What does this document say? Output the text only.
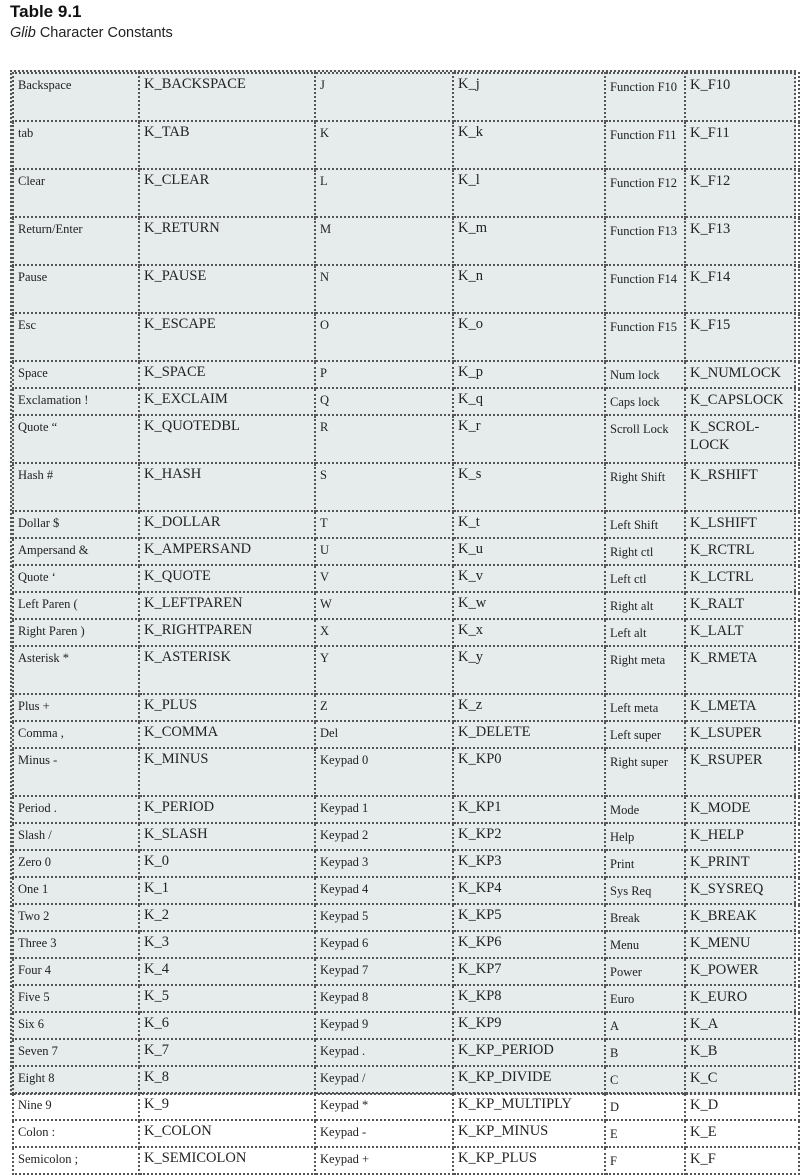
Table 9.1
Glib Character Constants
Backspace	K_BACKSPACE	J	K_j	Function F10	K_F10
tab	K_TAB	K	K_k	Function F11	K_F11
Clear	K_CLEAR	L	K_l	Function F12	K_F12
Return/Enter	K_RETURN	M	K_m	Function F13	K_F13
Pause	K_PAUSE	N	K_n	Function F14	K_F14
Esc	K_ESCAPE	O	K_o	Function F15	K_F15
Space	K_SPACE	P	K_p	Num lock	K_NUMLOCK
Exclamation !	K_EXCLAIM	Q	K_q	Caps lock	K_CAPSLOCK
Quote “	K_QUOTEDBL	R	K_r	Scroll Lock	K_SCROL-LOCK
Hash #	K_HASH	S	K_s	Right Shift	K_RSHIFT
Dollar $	K_DOLLAR	T	K_t	Left Shift	K_LSHIFT
Ampersand &	K_AMPERSAND	U	K_u	Right ctl	K_RCTRL
Quote ‘	K_QUOTE	V	K_v	Left ctl	K_LCTRL
Left Paren (	K_LEFTPAREN	W	K_w	Right alt	K_RALT
Right Paren )	K_RIGHTPAREN	X	K_x	Left alt	K_LALT
Asterisk *	K_ASTERISK	Y	K_y	Right meta	K_RMETA
Plus +	K_PLUS	Z	K_z	Left meta	K_LMETA
Comma ,	K_COMMA	Del	K_DELETE	Left super	K_LSUPER
Minus -	K_MINUS	Keypad 0	K_KP0	Right super	K_RSUPER
Period .	K_PERIOD	Keypad 1	K_KP1	Mode	K_MODE
Slash /	K_SLASH	Keypad 2	K_KP2	Help	K_HELP
Zero 0	K_0	Keypad 3	K_KP3	Print	K_PRINT
One 1	K_1	Keypad 4	K_KP4	Sys Req	K_SYSREQ
Two 2	K_2	Keypad 5	K_KP5	Break	K_BREAK
Three 3	K_3	Keypad 6	K_KP6	Menu	K_MENU
Four 4	K_4	Keypad 7	K_KP7	Power	K_POWER
Five 5	K_5	Keypad 8	K_KP8	Euro	K_EURO
Six 6	K_6	Keypad 9	K_KP9	A	K_A
Seven 7	K_7	Keypad .	K_KP_PERIOD	B	K_B
Eight 8	K_8	Keypad /	K_KP_DIVIDE	C	K_C
Nine 9	K_9	Keypad *	K_KP_MULTIPLY	D	K_D
Colon :	K_COLON	Keypad -	K_KP_MINUS	E	K_E
Semicolon ;	K_SEMICOLON	Keypad +	K_KP_PLUS	F	K_F
